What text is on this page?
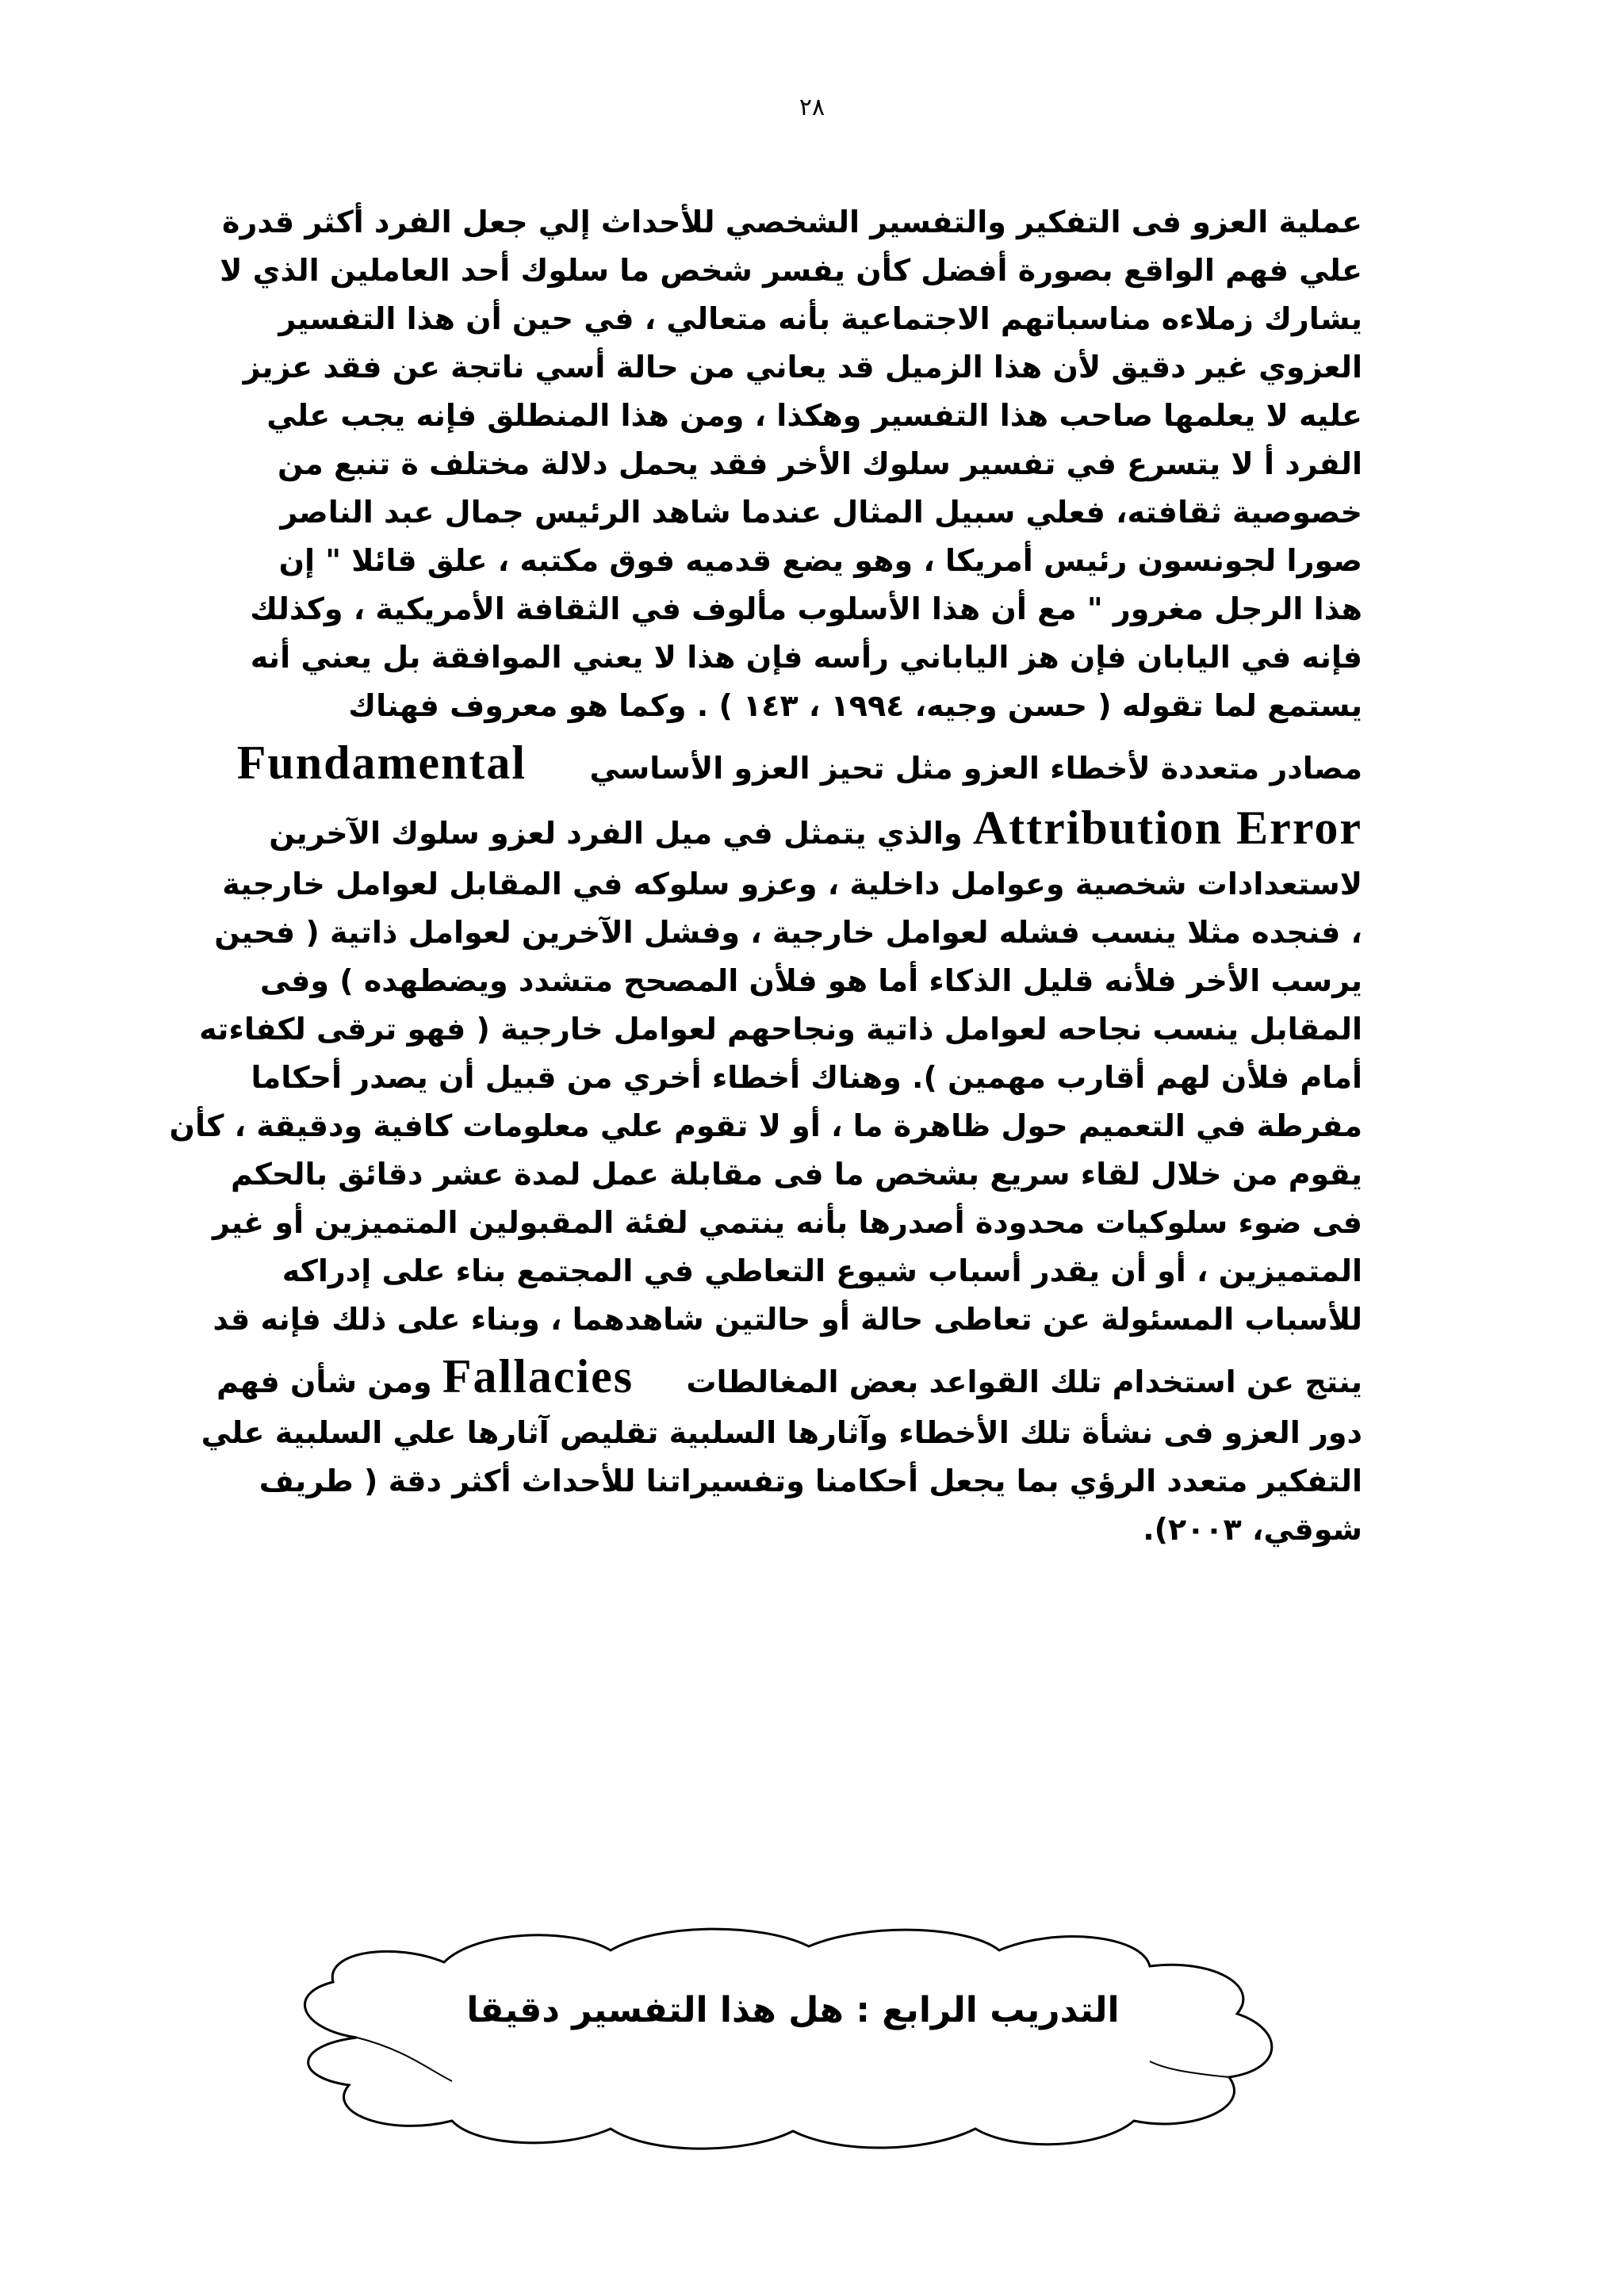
٢٨
عملية العزو فى التفكير والتفسير الشخصي للأحداث إلي جعل الفرد أكثر قدرة
علي فهم الواقع بصورة أفضل كأن يفسر شخص ما سلوك أحد العاملين الذي لا
يشارك زملاءه مناسباتهم الاجتماعية بأنه متعالي ، في حين أن هذا التفسير
العزوي غير دقيق لأن هذا الزميل قد يعاني من حالة أسي ناتجة عن فقد عزيز
عليه لا يعلمها صاحب هذا التفسير وهكذا ، ومن هذا المنطلق فإنه يجب علي
الفرد أ لا يتسرع في تفسير سلوك الأخر فقد يحمل دلالة مختلف ة تنبع من
خصوصية ثقافته، فعلي سبيل المثال عندما شاهد الرئيس جمال عبد الناصر
صورا لجونسون رئيس أمريكا ، وهو يضع قدميه فوق مكتبه ، علق قائلا " إن
هذا الرجل مغرور " مع أن هذا الأسلوب مألوف في الثقافة الأمريكية ، وكذلك
فإنه في اليابان فإن هز الياباني رأسه فإن هذا لا يعني الموافقة بل يعني أنه
يستمع لما تقوله ( حسن وجيه، ١٩٩٤ ، ١٤٣ ) . وكما هو معروف فهناك
مصادر متعددة لأخطاء العزو مثل تحيز العزو الأساسي      Fundamental
Attribution Error والذي يتمثل في ميل الفرد لعزو سلوك الآخرين
لاستعدادات شخصية وعوامل داخلية ، وعزو سلوكه في المقابل لعوامل خارجية
، فنجده مثلا ينسب فشله لعوامل خارجية ، وفشل الآخرين لعوامل ذاتية ( فحين
يرسب الأخر فلأنه قليل الذكاء أما هو فلأن المصحح متشدد ويضطهده ) وفى
المقابل ينسب نجاحه لعوامل ذاتية ونجاحهم لعوامل خارجية ( فهو ترقى لكفاءته
أمام فلأن لهم أقارب مهمين ). وهناك أخطاء أخري من قبيل أن يصدر أحكاما
مفرطة في التعميم حول ظاهرة ما ، أو لا تقوم علي معلومات كافية ودقيقة ، كأن
يقوم من خلال لقاء سريع بشخص ما فى مقابلة عمل لمدة عشر دقائق بالحكم
فى ضوء سلوكيات محدودة أصدرها بأنه ينتمي لفئة المقبولين المتميزين أو غير
المتميزين ، أو أن يقدر أسباب شيوع التعاطي في المجتمع بناء على إدراكه
للأسباب المسئولة عن تعاطى حالة أو حالتين شاهدهما ، وبناء على ذلك فإنه قد
ينتج عن استخدام تلك القواعد بعض المغالطات     Fallacies ومن شأن فهم
دور العزو فى نشأة تلك الأخطاء وآثارها السلبية تقليص آثارها علي السلبية علي
التفكير متعدد الرؤي بما يجعل أحكامنا وتفسيراتنا للأحداث أكثر دقة ( طريف
شوقي، ٢٠٠٣).
التدريب الرابع : هل هذا التفسير دقيقا
